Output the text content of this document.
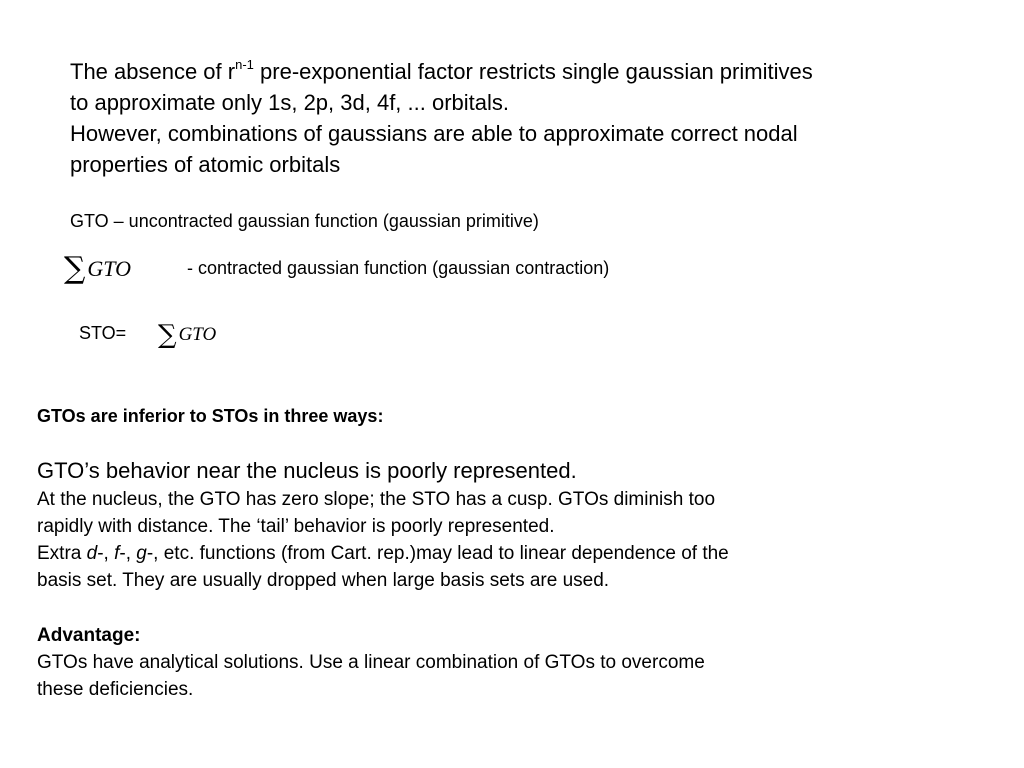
The absence of $r^{n-1}$ pre-exponential factor restricts single gaussian primitives
to approximate only 1s, 2p, 3d, 4f, ... orbitals.
However, combinations of gaussians are able to approximate correct nodal
properties of atomic orbitals
GTO – uncontracted gaussian function (gaussian primitive)
∑ GTO	- contracted gaussian function (gaussian contraction)
STO= ∑ GTO
GTOs are inferior to STOs in three ways:
GTO’s behavior near the nucleus is poorly represented.
At the nucleus, the GTO has zero slope; the STO has a cusp. GTOs diminish too
rapidly with distance. The ‘tail’ behavior is poorly represented.
Extra d-, f-, g-, etc. functions (from Cart. rep.)may lead to linear dependence of the
basis set. They are usually dropped when large basis sets are used.
Advantage:
GTOs have analytical solutions. Use a linear combination of GTOs to overcome
these deficiencies.
